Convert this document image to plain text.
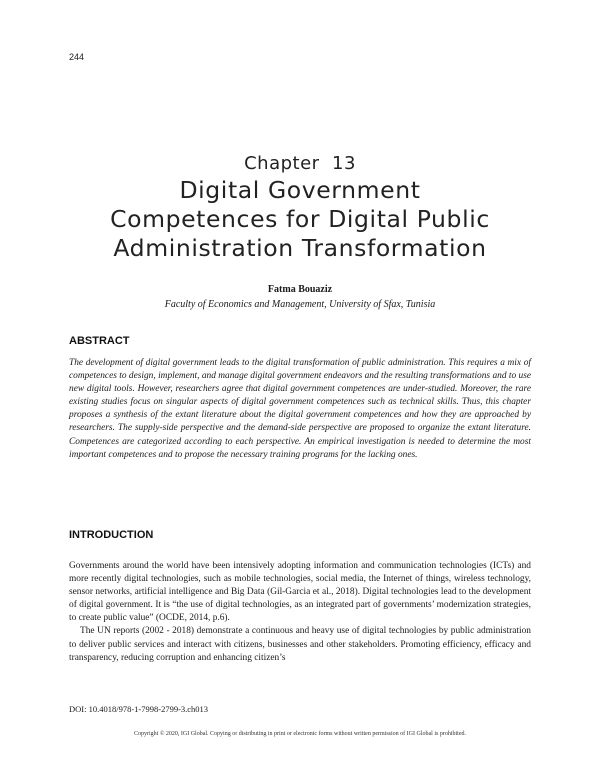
244
Chapter  13
Digital Government
Competences for Digital Public
Administration Transformation
Fatma Bouaziz
Faculty of Economics and Management, University of Sfax, Tunisia
ABSTRACT
The development of digital government leads to the digital transformation of public administration. This requires a mix of competences to design, implement, and manage digital government endeavors and the resulting transformations and to use new digital tools. However, researchers agree that digital government competences are under-studied. Moreover, the rare existing studies focus on singular aspects of digital government competences such as technical skills. Thus, this chapter proposes a synthesis of the extant literature about the digital government competences and how they are approached by researchers. The supply-side perspective and the demand-side perspective are proposed to organize the extant literature. Competences are categorized according to each perspective. An empirical investigation is needed to determine the most important competences and to propose the necessary training programs for the lacking ones.
INTRODUCTION

Governments around the world have been intensively adopting information and communication technologies (ICTs) and more recently digital technologies, such as mobile technologies, social media, the Internet of things, wireless technology, sensor networks, artificial intelligence and Big Data (Gil-Garcia et al., 2018). Digital technologies lead to the development of digital government. It is “the use of digital technologies, as an integrated part of governments’ modernization strategies, to create public value” (OCDE, 2014, p.6).

The UN reports (2002 - 2018) demonstrate a continuous and heavy use of digital technologies by public administration to deliver public services and interact with citizens, businesses and other stakeholders. Promoting efficiency, efficacy and transparency, reducing corruption and enhancing citizen’s

DOI: 10.4018/978-1-7998-2799-3.ch013
Copyright © 2020, IGI Global. Copying or distributing in print or electronic forms without written permission of IGI Global is prohibited.
